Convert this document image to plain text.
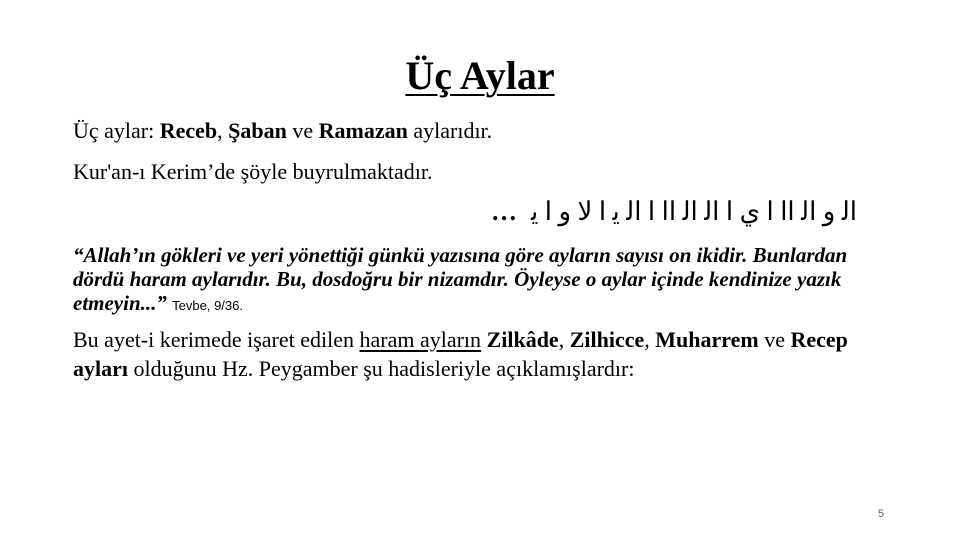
Üç Aylar
Üç aylar: Receb, Şaban ve Ramazan aylarıdır.
Kur'an-ı Kerim’de şöyle buyrulmaktadır.
ﺍﻟ ﻭ ﺍﻟ ﺍﺍ ﺍ ﻱ ﺍ ﺍﻟ ﺍﻟ ﺍﺍ ﺍ ﺍﻟ ﻳ ﺍ ﻻ ﻭ ﺍ ﻳ…
“Allah’ın gökleri ve yeri yönettiği günkü yazısına göre ayların sayısı on ikidir. Bunlardan dördü haram aylarıdır. Bu, dosdoğru bir nizamdır. Öyleyse o aylar içinde kendinize yazık etmeyin...” Tevbe, 9/36.
Bu ayet-i kerimede işaret edilen haram ayların Zilkâde, Zilhicce, Muharrem ve Recep ayları olduğunu Hz. Peygamber şu hadisleriyle açıklamışlardır:
5
